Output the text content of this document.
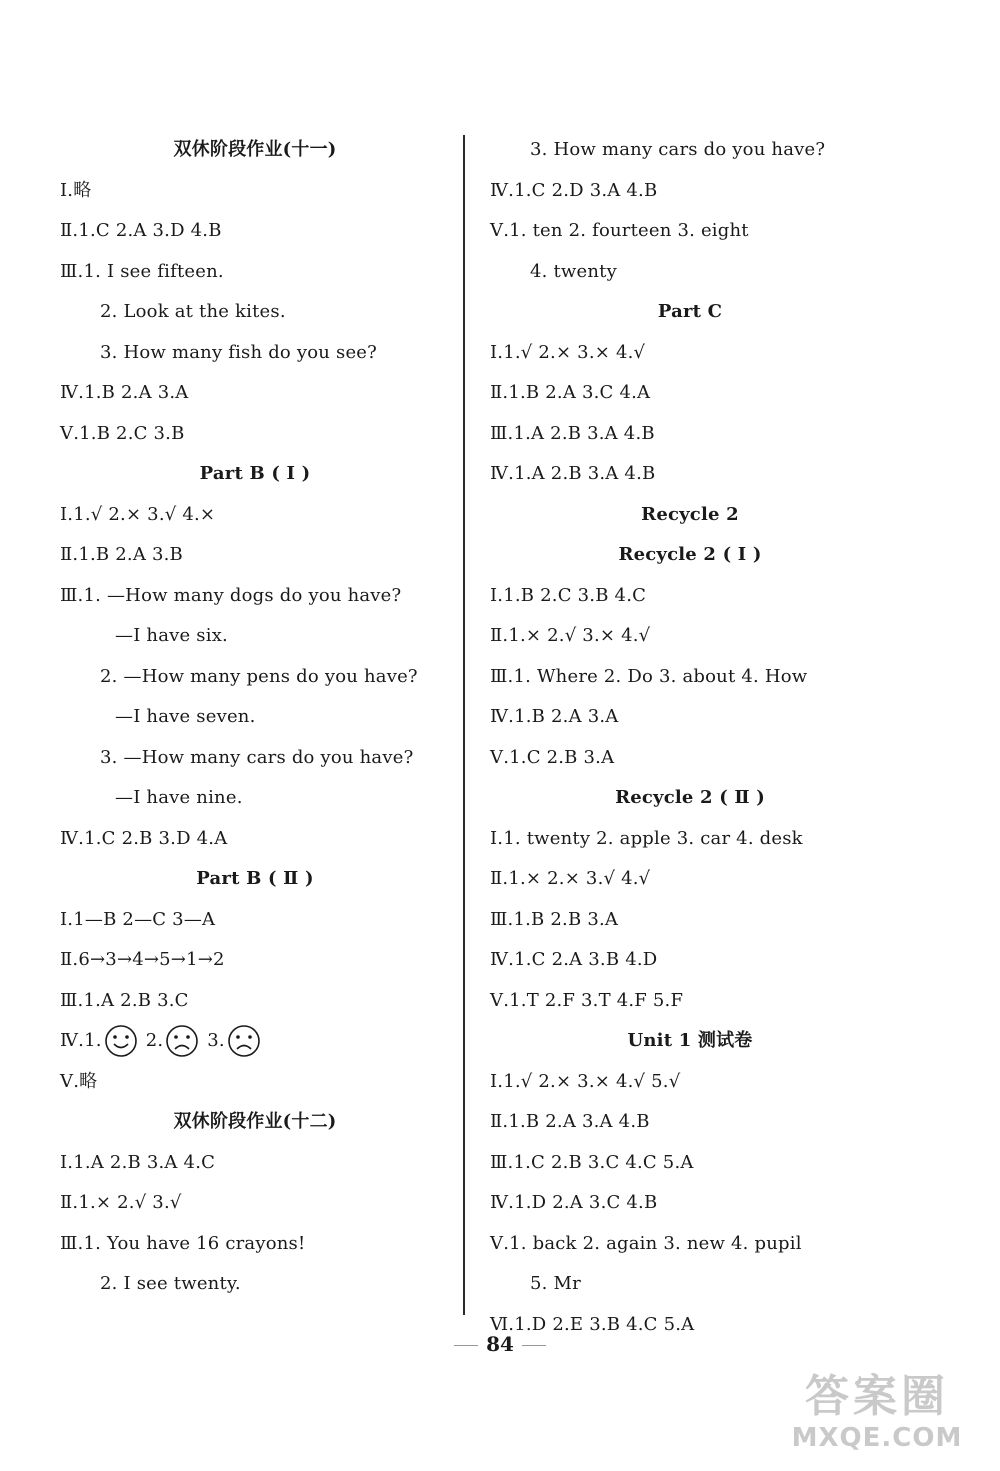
双休阶段作业(十一)
Ⅰ.略
Ⅱ.1.C 2.A 3.D 4.B
Ⅲ.1. I see fifteen.
2. Look at the kites.
3. How many fish do you see?
Ⅳ.1.B 2.A 3.A
Ⅴ.1.B 2.C 3.B
Part B ( Ⅰ )
Ⅰ.1.√ 2.× 3.√ 4.×
Ⅱ.1.B 2.A 3.B
Ⅲ.1. —How many dogs do you have?
—I have six.
2. —How many pens do you have?
—I have seven.
3. —How many cars do you have?
—I have nine.
Ⅳ.1.C 2.B 3.D 4.A
Part B ( Ⅱ )
Ⅰ.1—B 2—C 3—A
Ⅱ.6→3→4→5→1→2
Ⅲ.1.A 2.B 3.C
Ⅳ.1. 2. 3.
Ⅴ.略
双休阶段作业(十二)
Ⅰ.1.A 2.B 3.A 4.C
Ⅱ.1.× 2.√ 3.√
Ⅲ.1. You have 16 crayons!
2. I see twenty.
3. How many cars do you have?
Ⅳ.1.C 2.D 3.A 4.B
Ⅴ.1. ten 2. fourteen 3. eight
4. twenty
Part C
Ⅰ.1.√ 2.× 3.× 4.√
Ⅱ.1.B 2.A 3.C 4.A
Ⅲ.1.A 2.B 3.A 4.B
Ⅳ.1.A 2.B 3.A 4.B
Recycle 2
Recycle 2 ( Ⅰ )
Ⅰ.1.B 2.C 3.B 4.C
Ⅱ.1.× 2.√ 3.× 4.√
Ⅲ.1. Where 2. Do 3. about 4. How
Ⅳ.1.B 2.A 3.A
Ⅴ.1.C 2.B 3.A
Recycle 2 ( Ⅱ )
Ⅰ.1. twenty 2. apple 3. car 4. desk
Ⅱ.1.× 2.× 3.√ 4.√
Ⅲ.1.B 2.B 3.A
Ⅳ.1.C 2.A 3.B 4.D
Ⅴ.1.T 2.F 3.T 4.F 5.F
Unit 1 测试卷
Ⅰ.1.√ 2.× 3.× 4.√ 5.√
Ⅱ.1.B 2.A 3.A 4.B
Ⅲ.1.C 2.B 3.C 4.C 5.A
Ⅳ.1.D 2.A 3.C 4.B
Ⅴ.1. back 2. again 3. new 4. pupil
5. Mr
Ⅵ.1.D 2.E 3.B 4.C 5.A
84
答案圈
MXQE.COM
